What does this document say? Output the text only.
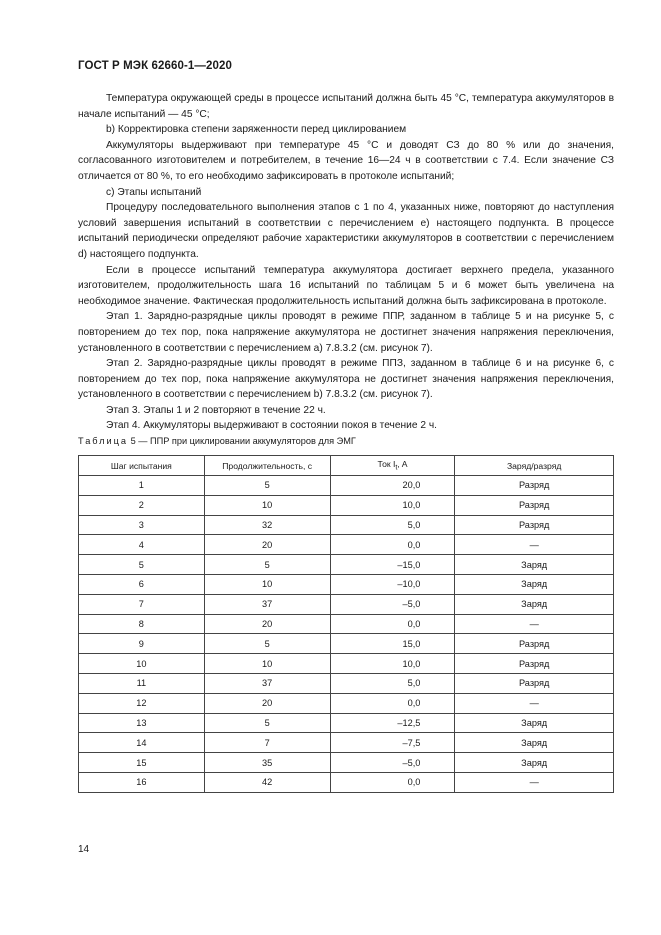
ГОСТ Р МЭК 62660-1—2020

Температура окружающей среды в процессе испытаний должна быть 45 °C, температура аккумуляторов в начале испытаний — 45 °C;

b) Корректировка степени заряженности перед циклированием

Аккумуляторы выдерживают при температуре 45 °C и доводят СЗ до 80 % или до значения, согласованного изготовителем и потребителем, в течение 16—24 ч в соответствии с 7.4. Если значение СЗ отличается от 80 %, то его необходимо зафиксировать в протоколе испытаний;

с) Этапы испытаний

Процедуру последовательного выполнения этапов с 1 по 4, указанных ниже, повторяют до наступления условий завершения испытаний в соответствии с перечислением е) настоящего подпункта. В процессе испытаний периодически определяют рабочие характеристики аккумуляторов в соответствии с перечислением d) настоящего подпункта.

Если в процессе испытаний температура аккумулятора достигает верхнего предела, указанного изготовителем, продолжительность шага 16 испытаний по таблицам 5 и 6 может быть увеличена на необходимое значение. Фактическая продолжительность испытаний должна быть зафиксирована в протоколе.

Этап 1. Зарядно-разрядные циклы проводят в режиме ППР, заданном в таблице 5 и на рисунке 5, с повторением до тех пор, пока напряжение аккумулятора не достигнет значения напряжения переключения, установленного в соответствии с перечислением а) 7.8.3.2 (см. рисунок 7).

Этап 2. Зарядно-разрядные циклы проводят в режиме ППЗ, заданном в таблице 6 и на рисунке 6, с повторением до тех пор, пока напряжение аккумулятора не достигнет значения напряжения переключения, установленного в соответствии с перечислением b) 7.8.3.2 (см. рисунок 7).

Этап 3. Этапы 1 и 2 повторяют в течение 22 ч.

Этап 4. Аккумуляторы выдерживают в состоянии покоя в течение 2 ч.

Таблица 5 — ППР при циклировании аккумуляторов для ЭМГ
Шаг испытания	Продолжительность, с	Ток $I_t$, A	Заряд/разряд
1	5	20,0	Разряд
2	10	10,0	Разряд
3	32	5,0	Разряд
4	20	0,0	—
5	5	–15,0	Заряд
6	10	–10,0	Заряд
7	37	–5,0	Заряд
8	20	0,0	—
9	5	15,0	Разряд
10	10	10,0	Разряд
11	37	5,0	Разряд
12	20	0,0	—
13	5	–12,5	Заряд
14	7	–7,5	Заряд
15	35	–5,0	Заряд
16	42	0,0	—
14
